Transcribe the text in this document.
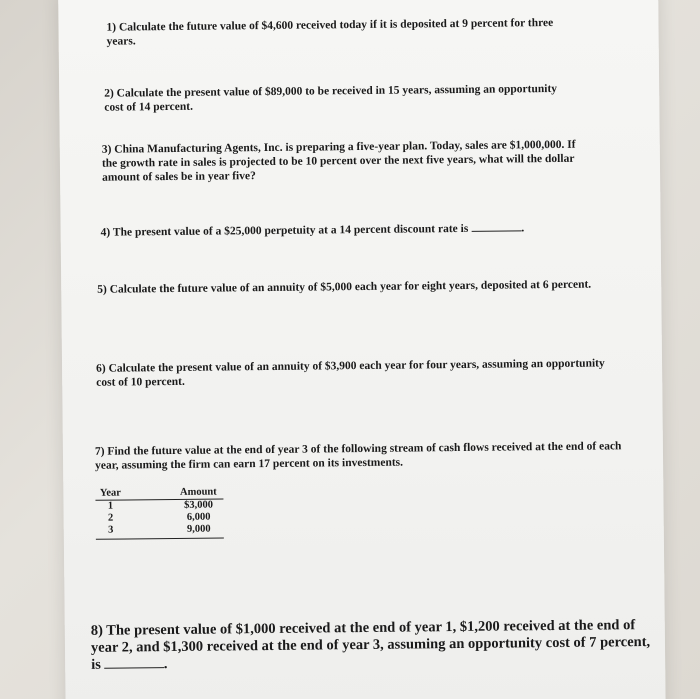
1) Calculate the future value of $4,600 received today if it is deposited at 9 percent for three years.
2) Calculate the present value of $89,000 to be received in 15 years, assuming an opportunity cost of 14 percent.
3) China Manufacturing Agents, Inc. is preparing a five-year plan. Today, sales are $1,000,000. If the growth rate in sales is projected to be 10 percent over the next five years, what will the dollar amount of sales be in year five?
4) The present value of a $25,000 perpetuity at a 14 percent discount rate is	.
5) Calculate the future value of an annuity of $5,000 each year for eight years, deposited at 6 percent.
6) Calculate the present value of an annuity of $3,900 each year for four years, assuming an opportunity cost of 10 percent.
7) Find the future value at the end of year 3 of the following stream of cash flows received at the end of each year, assuming the firm can earn 17 percent on its investments.
Year	Amount
1	$3,000
2	6,000
3	9,000
8) The present value of $1,000 received at the end of year 1, $1,200 received at the end of year 2, and $1,300 received at the end of year 3, assuming an opportunity cost of 7 percent, is	.
